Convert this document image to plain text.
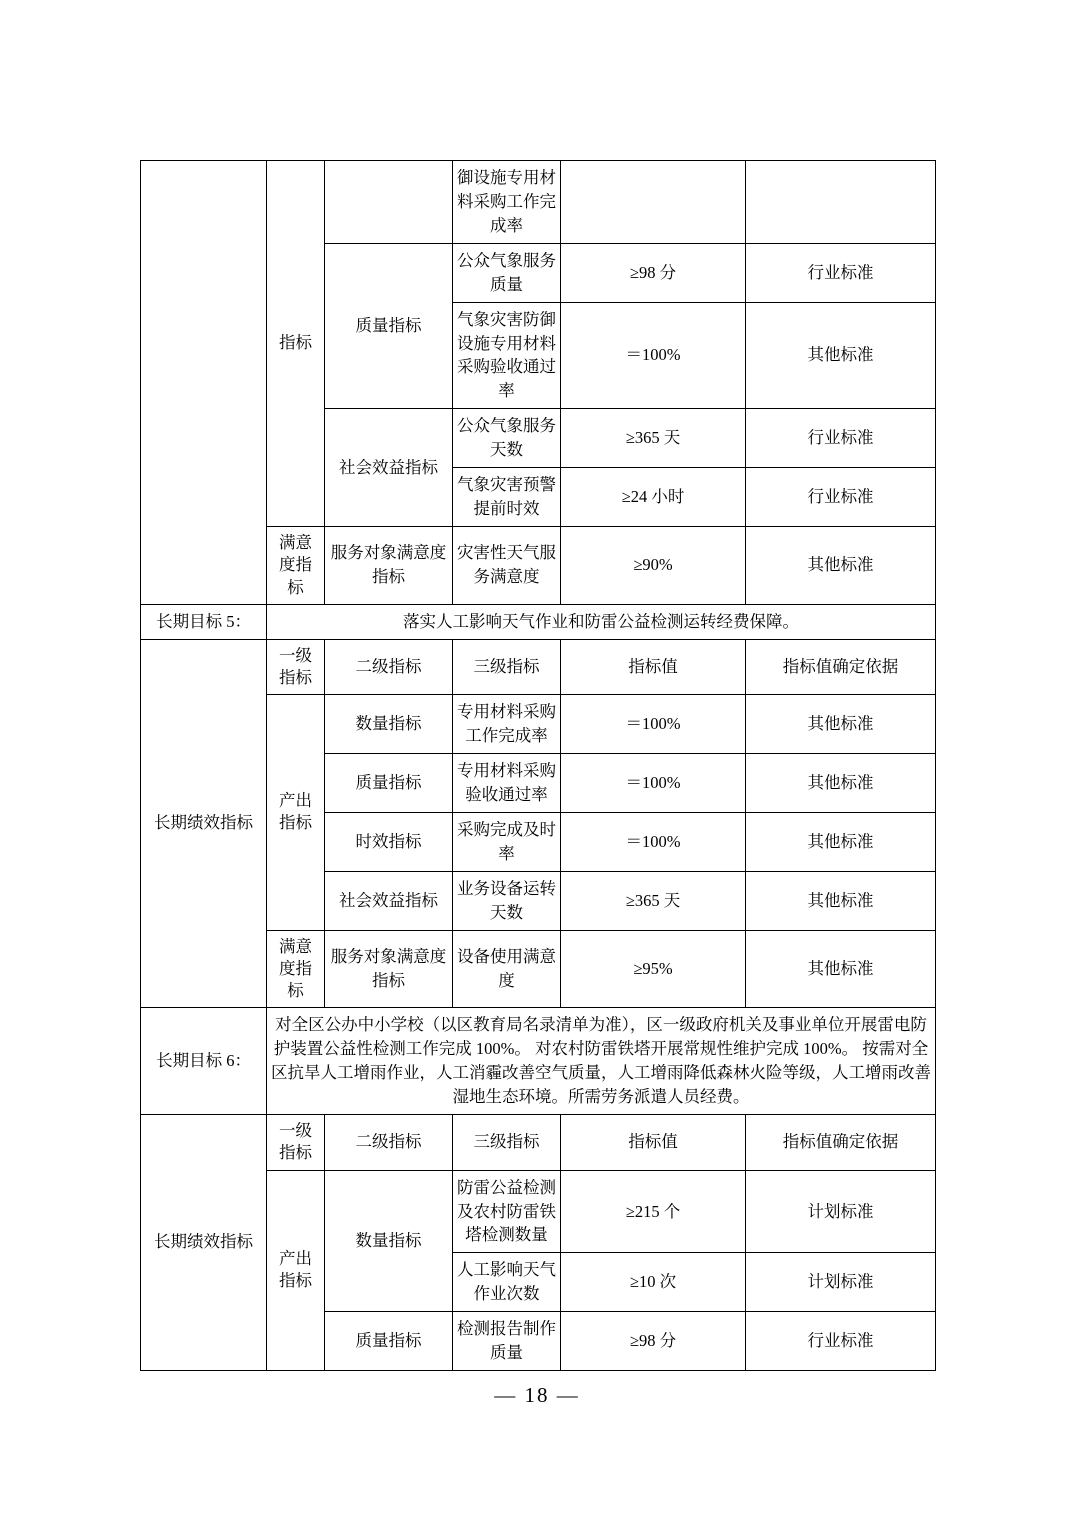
	指标		御设施专用材料采购工作完成率		
		质量指标	公众气象服务质量	≥98 分	行业标准
			气象灾害防御设施专用材料采购验收通过率	＝100%	其他标准
		社会效益指标	公众气象服务天数	≥365 天	行业标准
			气象灾害预警提前时效	≥24 小时	行业标准

	满意度指标	服务对象满意度指标	灾害性天气服务满意度	≥90%	其他标准
长期目标 5：	落实人工影响天气作业和防雷公益检测运转经费保障。				

长期绩效指标	一级指标	二级指标	三级指标	指标值	指标值确定依据

	产出指标	数量指标	专用材料采购工作完成率	＝100%	其他标准
		质量指标	专用材料采购验收通过率	＝100%	其他标准
		时效指标	采购完成及时率	＝100%	其他标准
		社会效益指标	业务设备运转天数	≥365 天	其他标准

	满意度指标	服务对象满意度指标	设备使用满意度	≥95%	其他标准
长期目标 6：	对全区公办中小学校（以区教育局名录清单为准），区一级政府机关及事业单位开展雷电防护装置公益性检测工作完成 100%。 对农村防雷铁塔开展常规性维护完成 100%。 按需对全区抗旱人工增雨作业，人工消霾改善空气质量，人工增雨降低森林火险等级，人工增雨改善湿地生态环境。所需劳务派遣人员经费。				

长期绩效指标	一级指标	二级指标	三级指标	指标值	指标值确定依据

	产出指标	数量指标	防雷公益检测及农村防雷铁塔检测数量	≥215 个	计划标准
			人工影响天气作业次数	≥10 次	计划标准
		质量指标	检测报告制作质量	≥98 分	行业标准
— 18 —
